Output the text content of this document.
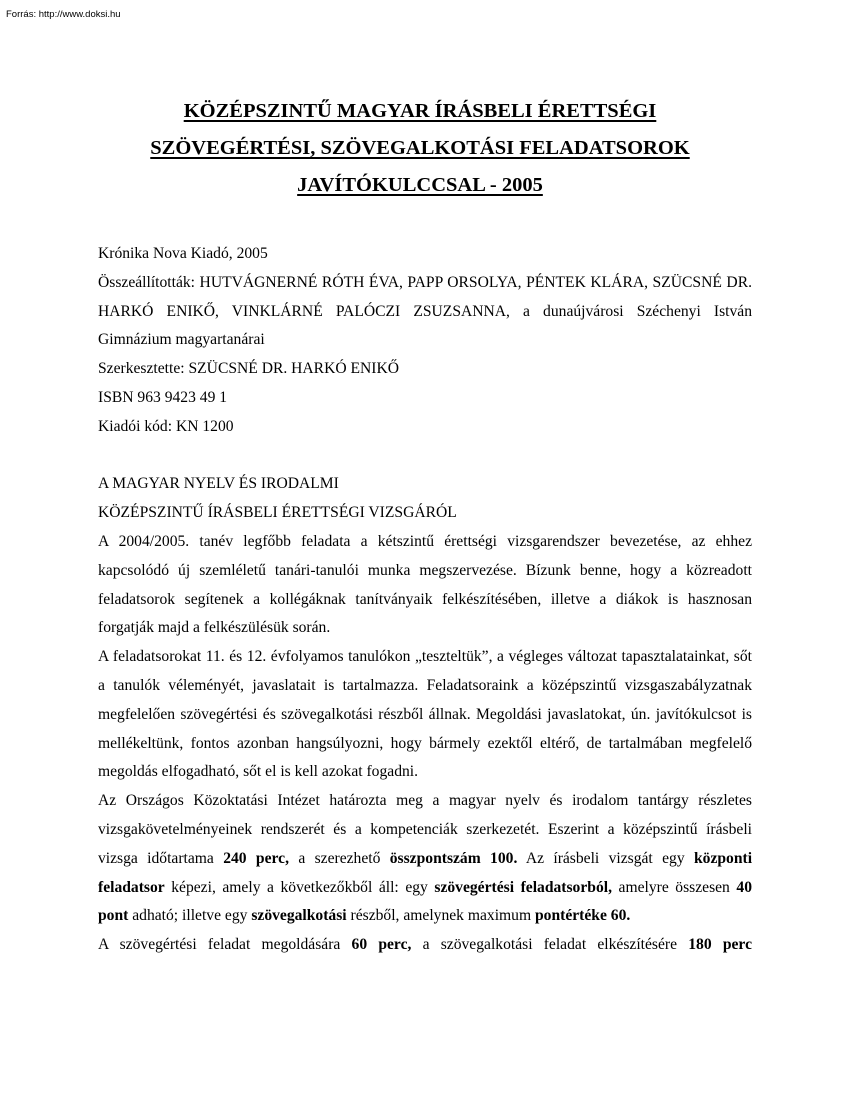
Forrás: http://www.doksi.hu
KÖZÉPSZINTŰ MAGYAR ÍRÁSBELI ÉRETTSÉGI
SZÖVEGÉRTÉSI, SZÖVEGALKOTÁSI FELADATSOROK
JAVÍTÓKULCCSAL - 2005

Krónika Nova Kiadó, 2005

Összeállították: HUTVÁGNERNÉ RÓTH ÉVA, PAPP ORSOLYA, PÉNTEK KLÁRA, SZÜCSNÉ DR. HARKÓ ENIKŐ, VINKLÁRNÉ PALÓCZI ZSUZSANNA, a dunaújvárosi Széchenyi István Gimnázium magyartanárai

Szerkesztette: SZÜCSNÉ DR. HARKÓ ENIKŐ

ISBN 963 9423 49 1

Kiadói kód: KN 1200

A MAGYAR NYELV ÉS IRODALMI

KÖZÉPSZINTŰ ÍRÁSBELI ÉRETTSÉGI VIZSGÁRÓL

A 2004/2005. tanév legfőbb feladata a kétszintű érettségi vizsgarendszer bevezetése, az ehhez kapcsolódó új szemléletű tanári-tanulói munka megszervezése. Bízunk benne, hogy a közreadott feladatsorok segítenek a kollégáknak tanítványaik felkészítésében, illetve a diákok is hasznosan forgatják majd a felkészülésük során.

A feladatsorokat 11. és 12. évfolyamos tanulókon „teszteltük”, a végleges változat tapasztalatainkat, sőt a tanulók véleményét, javaslatait is tartalmazza. Feladatsoraink a középszintű vizsgaszabályzatnak megfelelően szövegértési és szövegalkotási részből állnak. Megoldási javaslatokat, ún. javítókulcsot is mellékeltünk, fontos azonban hangsúlyozni, hogy bármely ezektől eltérő, de tartalmában megfelelő megoldás elfogadható, sőt el is kell azokat fogadni.

Az Országos Közoktatási Intézet határozta meg a magyar nyelv és irodalom tantárgy részletes vizsgakövetelményeinek rendszerét és a kompetenciák szerkezetét. Eszerint a középszintű írásbeli vizsga időtartama 240 perc, a szerezhető összpontszám 100. Az írásbeli vizsgát egy központi feladatsor képezi, amely a következőkből áll: egy szövegértési feladatsorból, amelyre összesen 40 pont adható; illetve egy szövegalkotási részből, amelynek maximum pontértéke 60.

A szövegértési feladat megoldására 60 perc, a szövegalkotási feladat elkészítésére 180 perc
